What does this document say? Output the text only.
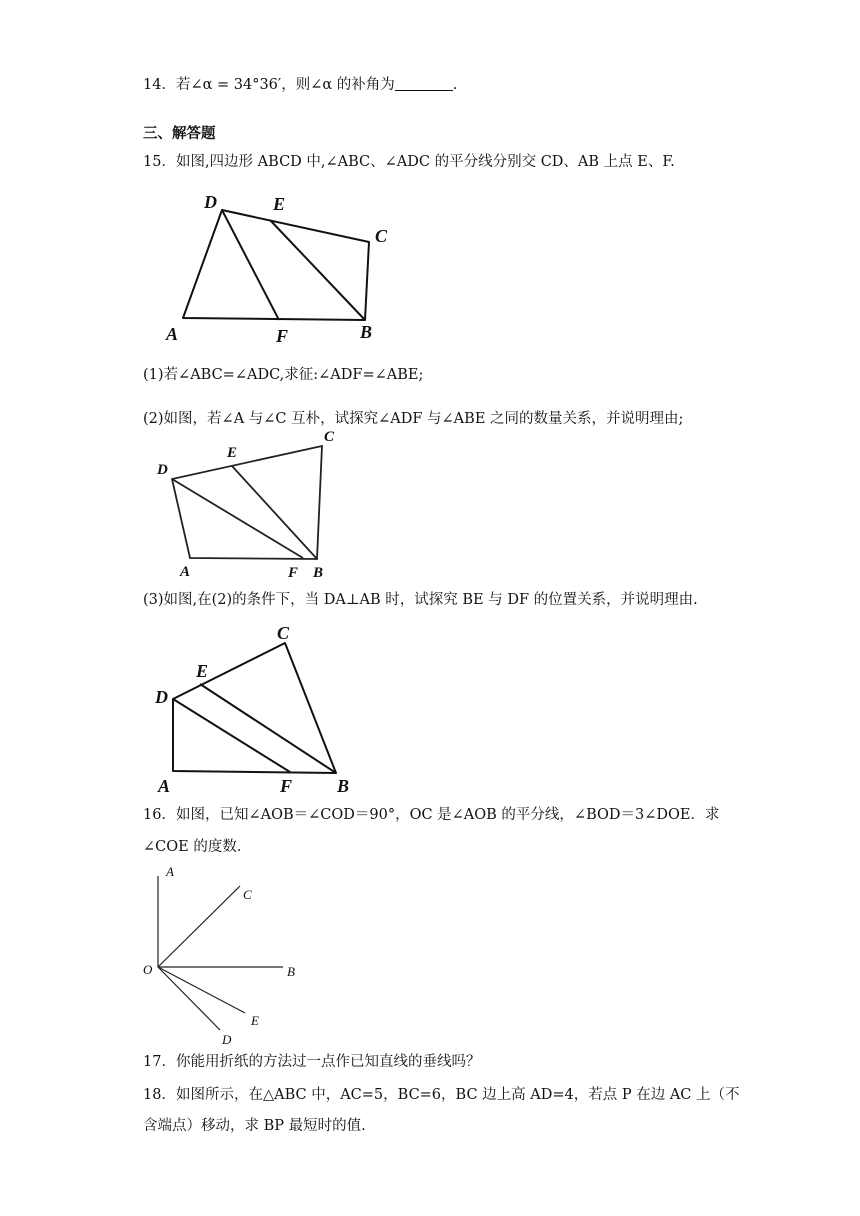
14．若∠α = 34°36′，则∠α 的补角为	.
三、解答题
15．如图,四边形 ABCD 中,∠ABC、∠ADC 的平分线分别交 CD、AB 上点 E、F.
D	E
C
A	F	B
(1)若∠ABC=∠ADC,求征:∠ADF=∠ABE;
(2)如图，若∠A 与∠C 互朴，试探究∠ADF 与∠ABE 之同的数量关系，并说明理由;
D
E
C
A	F B
(3)如图,在(2)的条件下，当 DA⊥AB 时，试探究 BE 与 DF 的位置关系，并说明理由.
D
E
C
A	F B
16．如图，已知∠AOB＝∠COD＝90°，OC 是∠AOB 的平分线，∠BOD＝3∠DOE．求
∠COE 的度数．
A
C
O	B
E
D
17．你能用折纸的方法过一点作已知直线的垂线吗？
18．如图所示，在△ABC 中，AC=5，BC=6，BC 边上高 AD=4，若点 P 在边 AC 上（不
含端点）移动，求 BP 最短时的值.
